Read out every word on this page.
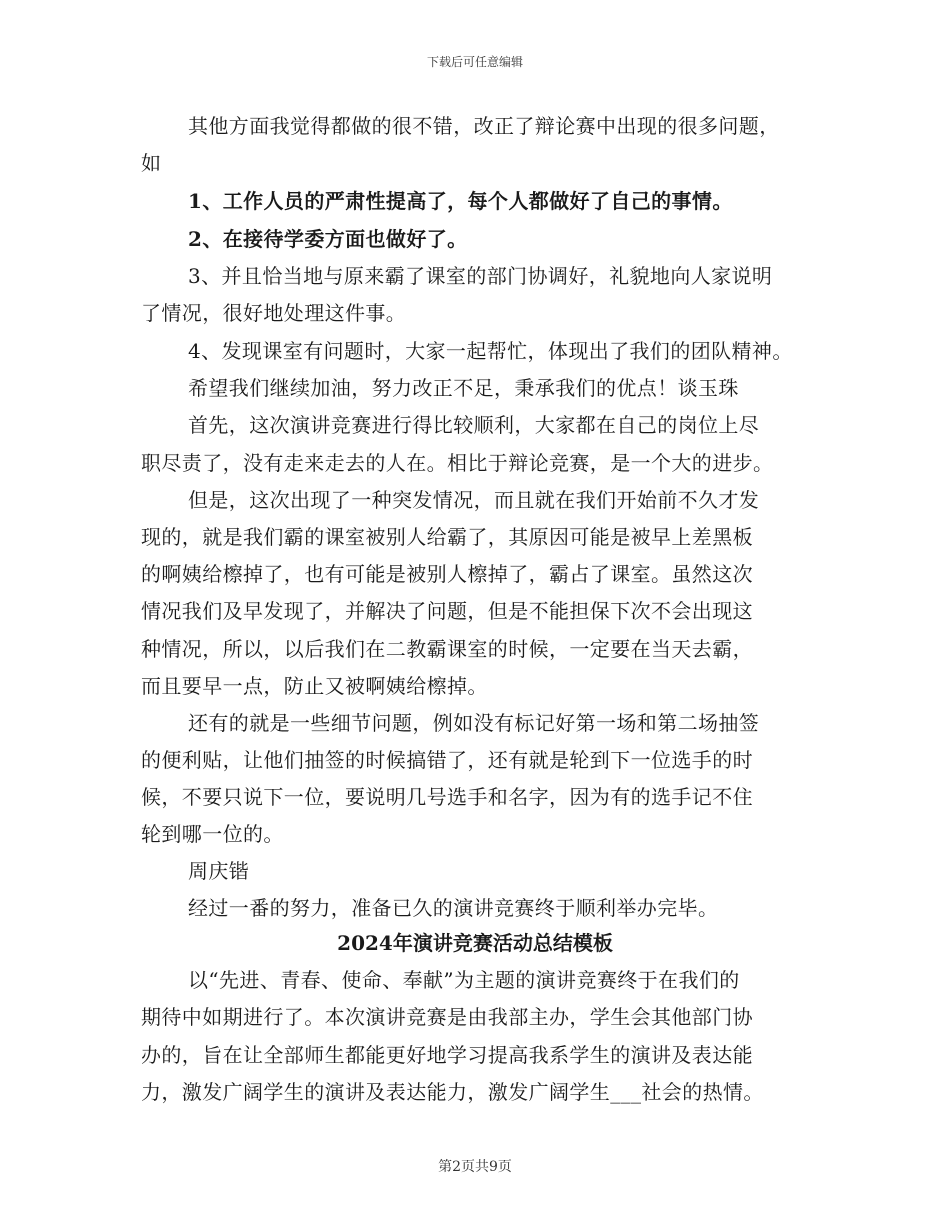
下载后可任意编辑
其他方面我觉得都做的很不错，改正了辩论赛中出现的很多问题，
如
1、工作人员的严肃性提高了，每个人都做好了自己的事情。
2、在接待学委方面也做好了。
3、并且恰当地与原来霸了课室的部门协调好，礼貌地向人家说明
了情况，很好地处理这件事。
4、发现课室有问题时，大家一起帮忙，体现出了我们的团队精神。
希望我们继续加油，努力改正不足，秉承我们的优点！谈玉珠
首先，这次演讲竞赛进行得比较顺利，大家都在自己的岗位上尽
职尽责了，没有走来走去的人在。相比于辩论竞赛，是一个大的进步。
但是，这次出现了一种突发情况，而且就在我们开始前不久才发
现的，就是我们霸的课室被别人给霸了，其原因可能是被早上差黑板
的啊姨给檫掉了，也有可能是被别人檫掉了，霸占了课室。虽然这次
情况我们及早发现了，并解决了问题，但是不能担保下次不会出现这
种情况，所以，以后我们在二教霸课室的时候，一定要在当天去霸，
而且要早一点，防止又被啊姨给檫掉。
还有的就是一些细节问题，例如没有标记好第一场和第二场抽签
的便利贴，让他们抽签的时候搞错了，还有就是轮到下一位选手的时
候，不要只说下一位，要说明几号选手和名字，因为有的选手记不住
轮到哪一位的。
周庆锴
经过一番的努力，准备已久的演讲竞赛终于顺利举办完毕。
2024年演讲竞赛活动总结模板
以“先进、青春、使命、奉献”为主题的演讲竞赛终于在我们的
期待中如期进行了。本次演讲竞赛是由我部主办，学生会其他部门协
办的，旨在让全部师生都能更好地学习提高我系学生的演讲及表达能
力，激发广阔学生的演讲及表达能力，激发广阔学生___社会的热情。
第2页共9页
